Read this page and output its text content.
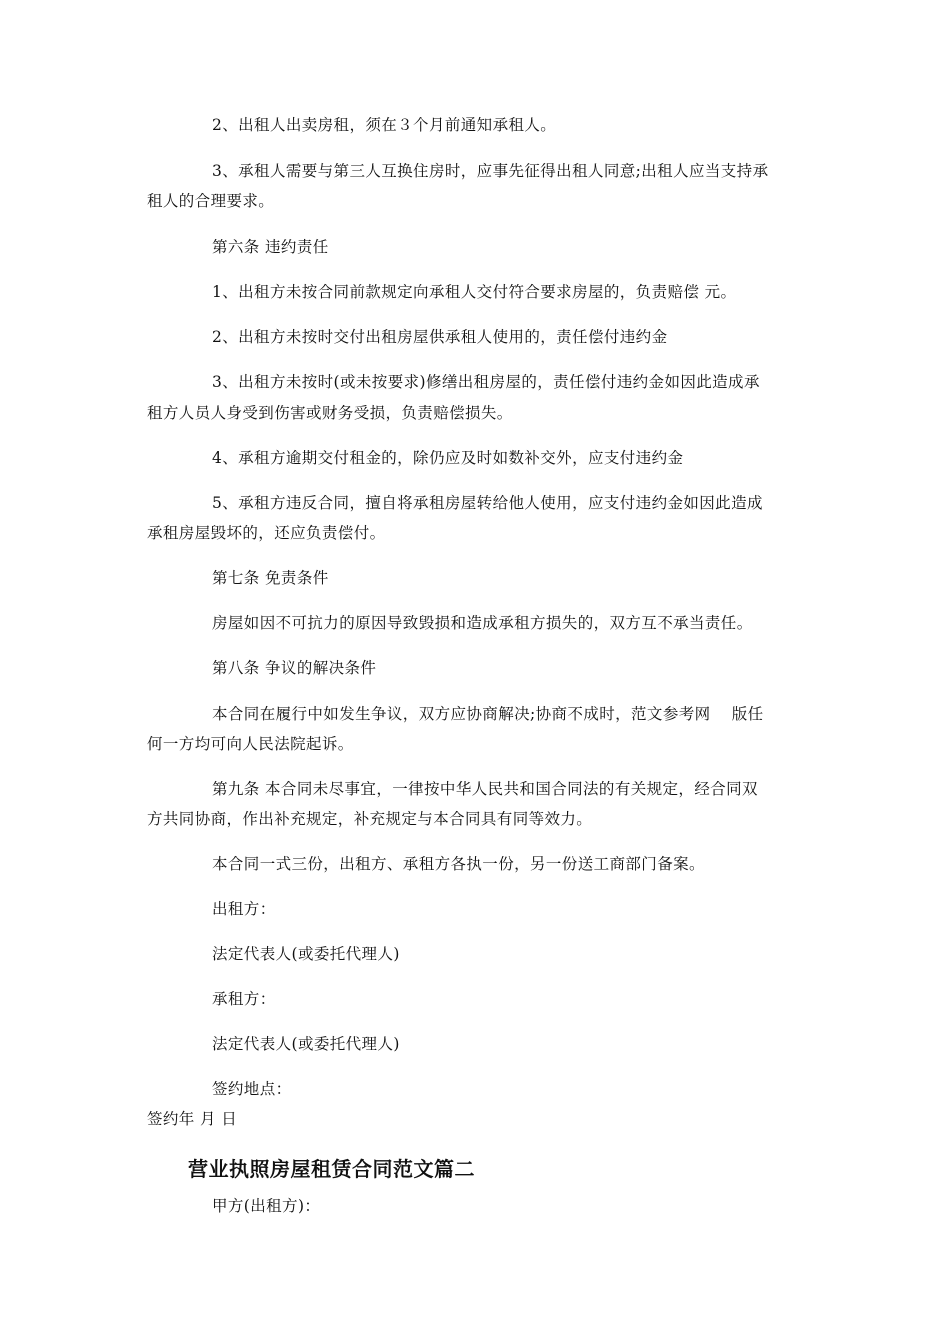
2、出租人出卖房租，须在３个月前通知承租人。
3、承租人需要与第三人互换住房时，应事先征得出租人同意;出租人应当支持承
租人的合理要求。
第六条 违约责任
1、出租方未按合同前款规定向承租人交付符合要求房屋的，负责赔偿 元。
2、出租方未按时交付出租房屋供承租人使用的，责任偿付违约金
3、出租方未按时(或未按要求)修缮出租房屋的，责任偿付违约金如因此造成承
租方人员人身受到伤害或财务受损，负责赔偿损失。
4、承租方逾期交付租金的，除仍应及时如数补交外，应支付违约金
5、承租方违反合同，擅自将承租房屋转给他人使用，应支付违约金如因此造成
承租房屋毁坏的，还应负责偿付。
第七条 免责条件
房屋如因不可抗力的原因导致毁损和造成承租方损失的，双方互不承当责任。
第八条 争议的解决条件
本合同在履行中如发生争议，双方应协商解决;协商不成时，范文参考网　 版任
何一方均可向人民法院起诉。
第九条 本合同未尽事宜，一律按中华人民共和国合同法的有关规定，经合同双
方共同协商，作出补充规定，补充规定与本合同具有同等效力。
本合同一式三份，出租方、承租方各执一份，另一份送工商部门备案。
出租方：
法定代表人(或委托代理人)
承租方：
法定代表人(或委托代理人)
签约地点：
签约年 月 日
营业执照房屋租赁合同范文篇二
甲方(出租方)：
